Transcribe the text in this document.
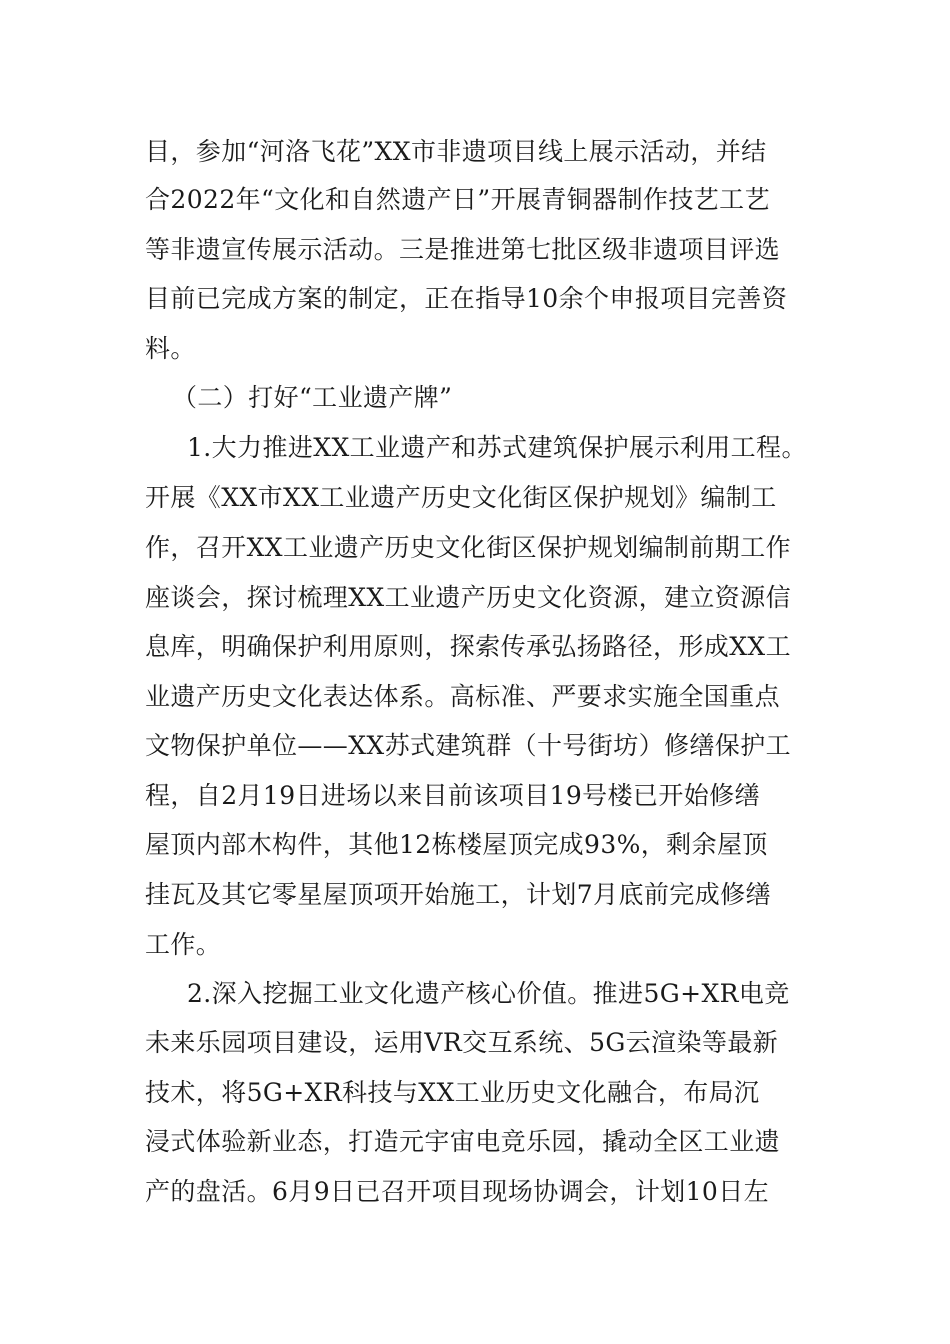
目，参加“河洛飞花”XX市非遗项目线上展示活动，并结
合2022年“文化和自然遗产日”开展青铜器制作技艺工艺
等非遗宣传展示活动。三是推进第七批区级非遗项目评选
目前已完成方案的制定，正在指导10余个申报项目完善资
料。
（二）打好“工业遗产牌”
1.大力推进XX工业遗产和苏式建筑保护展示利用工程。
开展《XX市XX工业遗产历史文化街区保护规划》编制工
作，召开XX工业遗产历史文化街区保护规划编制前期工作
座谈会，探讨梳理XX工业遗产历史文化资源，建立资源信
息库，明确保护利用原则，探索传承弘扬路径，形成XX工
业遗产历史文化表达体系。高标准、严要求实施全国重点
文物保护单位——XX苏式建筑群（十号街坊）修缮保护工
程，自2月19日进场以来目前该项目19号楼已开始修缮
屋顶内部木构件，其他12栋楼屋顶完成93%，剩余屋顶
挂瓦及其它零星屋顶项开始施工，计划7月底前完成修缮
工作。
2.深入挖掘工业文化遗产核心价值。推进5G+XR电竞
未来乐园项目建设，运用VR交互系统、5G云渲染等最新
技术，将5G+XR科技与XX工业历史文化融合，布局沉
浸式体验新业态，打造元宇宙电竞乐园，撬动全区工业遗
产的盘活。6月9日已召开项目现场协调会，计划10日左
